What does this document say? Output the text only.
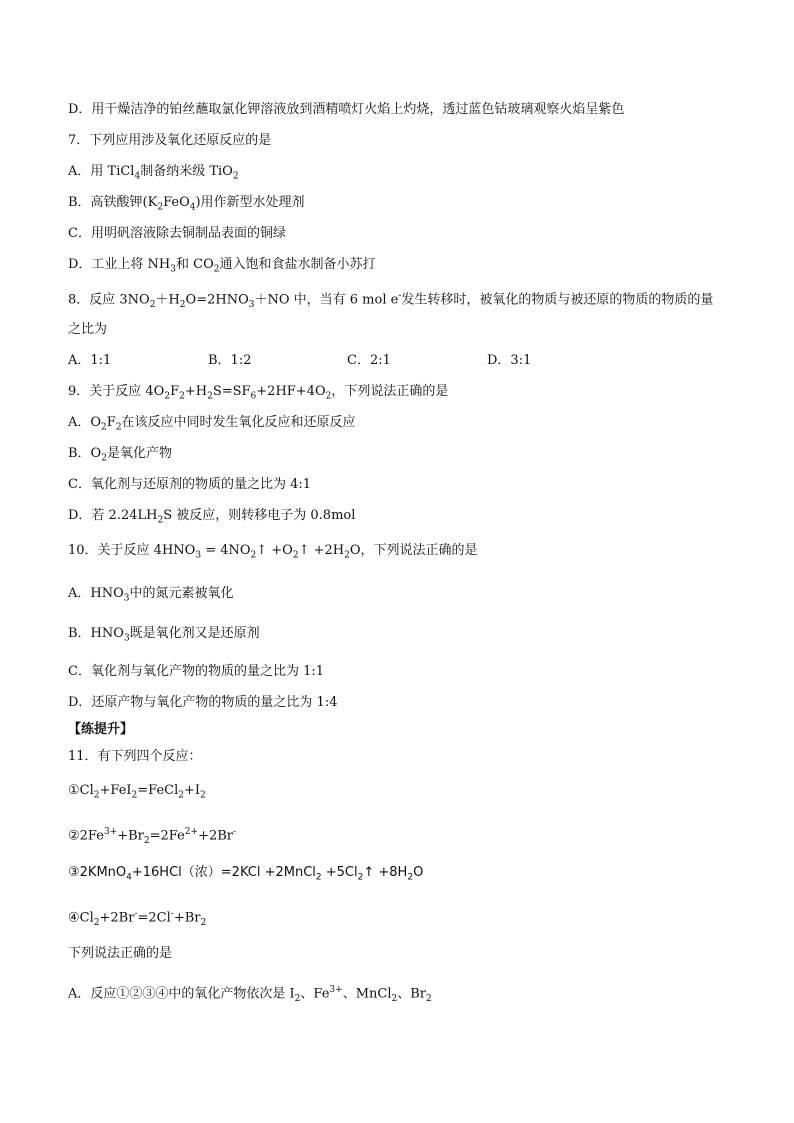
D．用干燥洁净的铂丝蘸取氯化钾溶液放到酒精喷灯火焰上灼烧，透过蓝色钴玻璃观察火焰呈紫色
7．下列应用涉及氧化还原反应的是
A．用 TiCl$_4$制备纳米级 TiO$_2$
B．高铁酸钾$(K_2FeO_4)$用作新型水处理剂
C．用明矾溶液除去铜制品表面的铜绿
D．工业上将 $NH_3$和 $CO_2$通入饱和食盐水制备小苏打
8．反应 $3NO_2+H_2O=2HNO_3+NO$ 中，当有 6 mol e-发生转移时，被氧化的物质与被还原的物质的物质的量
之比为
A．1:1	B．1:2	C．2:1	D．3:1
9．关于反应 $4O_2F_2+H_2S=SF_6+2HF+4O_2$，下列说法正确的是
A．$O_2F_2$在该反应中同时发生氧化反应和还原反应
B．$O_2$是氧化产物
C．氧化剂与还原剂的物质的量之比为 4:1
D．若 $2.24LH_2S$ 被反应，则转移电子为 0.8mol
10．关于反应 $4HNO_3$ = $4NO_2↑$ $+O_2↑ +2H_2O$，下列说法正确的是
A．$HNO_3$中的氮元素被氧化
B．$HNO_3$既是氧化剂又是还原剂
C．氧化剂与氧化产物的物质的量之比为 1:1
D．还原产物与氧化产物的物质的量之比为 1:4
【练提升】
11．有下列四个反应：
$①Cl_2+FeI_2=FeCl_2+I_2$
$②2Fe^{3+}+Br_2=2Fe^{2+}+2Br^-$
③2KMnO$_4$+16HCl（浓）=2KCl +2MnCl$_2$ $+5Cl_2↑ +8H_2O$
$④Cl_2+2Br^-=2Cl^-+Br_2$
下列说法正确的是
A．反应①②③④中的氧化产物依次是 $I_2$、$Fe^{3+}$、MnCl$_2$、$Br_2$
